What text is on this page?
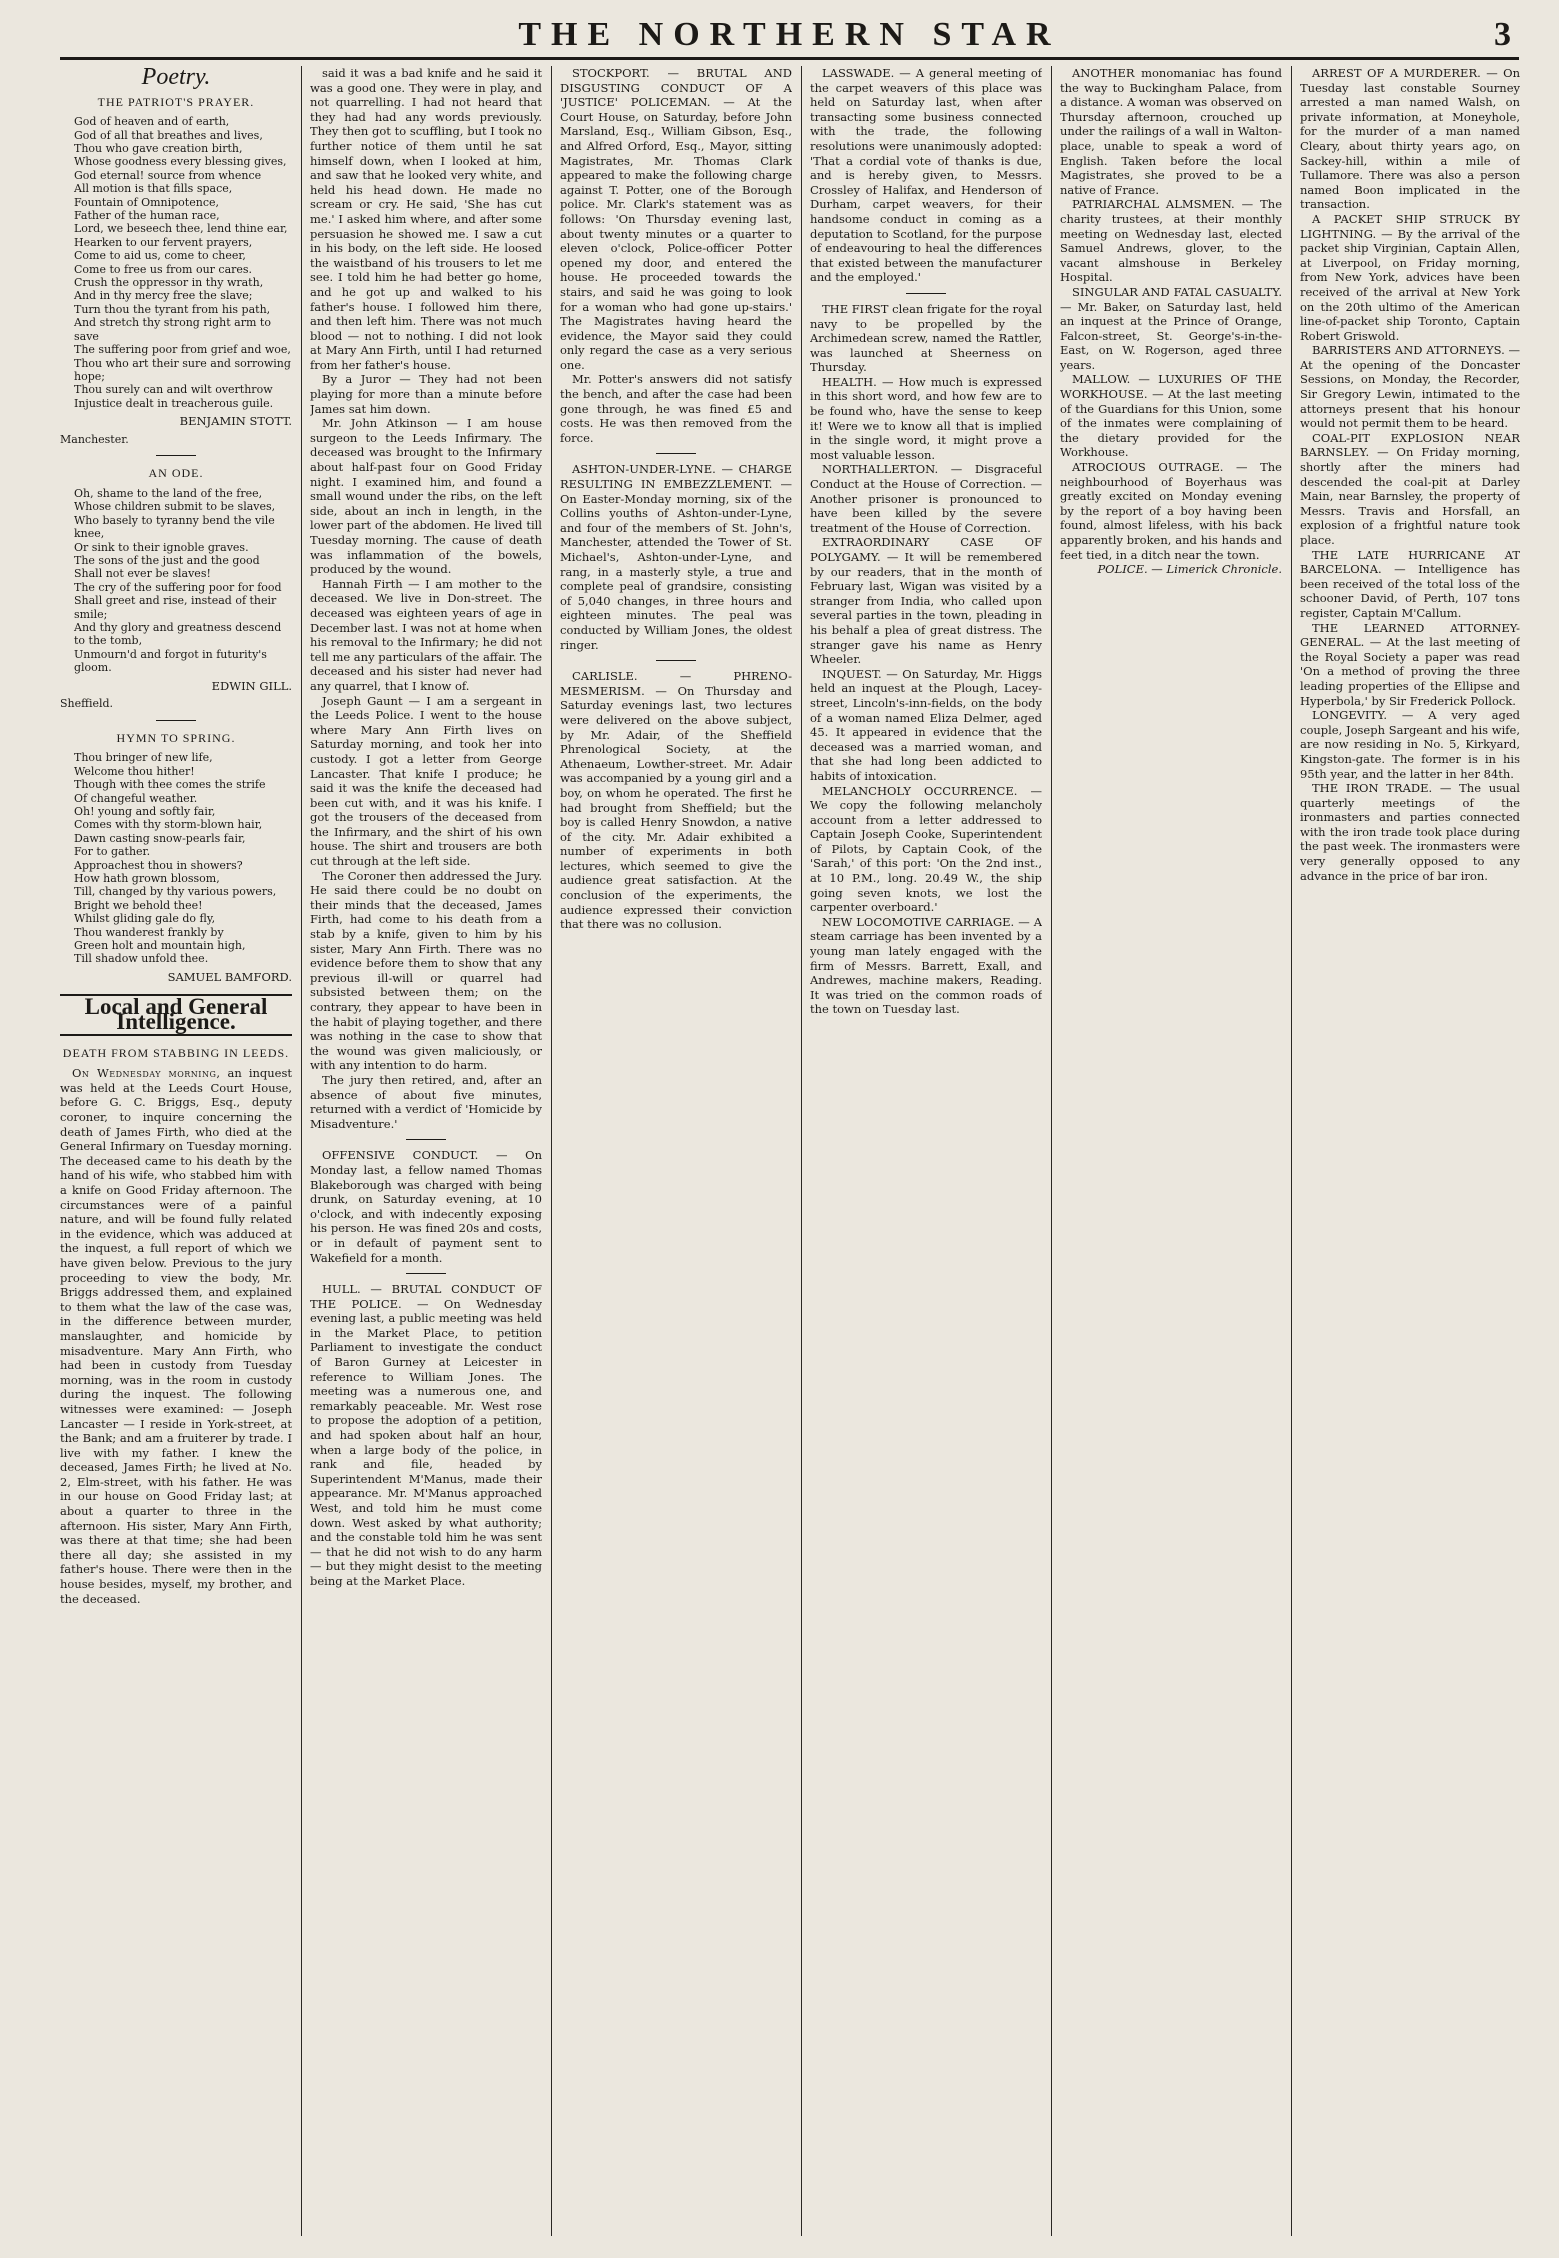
THE NORTHERN STAR	3
Poetry.
THE PATRIOT'S PRAYER.
God of heaven and of earth,
God of all that breathes and lives,
Thou who gave creation birth,
Whose goodness every blessing gives,
God eternal! source from whence
All motion is that fills space,
Fountain of Omnipotence,
Father of the human race,
Lord, we beseech thee, lend thine ear,
Hearken to our fervent prayers,
Come to aid us, come to cheer,
Come to free us from our cares.
Crush the oppressor in thy wrath,
And in thy mercy free the slave;
Turn thou the tyrant from his path,
And stretch thy strong right arm to save
The suffering poor from grief and woe,
Thou who art their sure and sorrowing hope;
Thou surely can and wilt overthrow
Injustice dealt in treacherous guile.
BENJAMIN STOTT.
Manchester.
AN ODE.
Oh, shame to the land of the free,
Whose children submit to be slaves,
Who basely to tyranny bend the vile knee,
Or sink to their ignoble graves.
The sons of the just and the good
Shall not ever be slaves!
The cry of the suffering poor for food
Shall greet and rise, instead of their smile;
And thy glory and greatness descend to the tomb,
Unmourn'd and forgot in futurity's gloom.
EDWIN GILL.
Sheffield.
HYMN TO SPRING.
Thou bringer of new life,
Welcome thou hither!
Though with thee comes the strife
Of changeful weather.
Oh! young and softly fair,
Comes with thy storm-blown hair,
Dawn casting snow-pearls fair,
For to gather.
Approachest thou in showers?
How hath grown blossom,
Till, changed by thy various powers,
Bright we behold thee!
Whilst gliding gale do fly,
Thou wanderest frankly by
Green holt and mountain high,
Till shadow unfold thee.
SAMUEL BAMFORD.
Local and General Intelligence.
DEATH FROM STABBING IN LEEDS.

On Wednesday morning, an inquest was held at the Leeds Court House, before G. C. Briggs, Esq., deputy coroner, to inquire concerning the death of James Firth, who died at the General Infirmary on Tuesday morning. The deceased came to his death by the hand of his wife, who stabbed him with a knife on Good Friday afternoon. The circumstances were of a painful nature, and will be found fully related in the evidence, which was adduced at the inquest, a full report of which we have given below. Previous to the jury proceeding to view the body, Mr. Briggs addressed them, and explained to them what the law of the case was, in the difference between murder, manslaughter, and homicide by misadventure. Mary Ann Firth, who had been in custody from Tuesday morning, was in the room in custody during the inquest. The following witnesses were examined: — Joseph Lancaster — I reside in York-street, at the Bank; and am a fruiterer by trade. I live with my father. I knew the deceased, James Firth; he lived at No. 2, Elm-street, with his father. He was in our house on Good Friday last; at about a quarter to three in the afternoon. His sister, Mary Ann Firth, was there at that time; she had been there all day; she assisted in my father's house. There were then in the house besides, myself, my brother, and the deceased.

said it was a bad knife and he said it was a good one. They were in play, and not quarrelling. I had not heard that they had had any words previously. They then got to scuffling, but I took no further notice of them until he sat himself down, when I looked at him, and saw that he looked very white, and held his head down. He made no scream or cry. He said, 'She has cut me.' I asked him where, and after some persuasion he showed me. I saw a cut in his body, on the left side. He loosed the waistband of his trousers to let me see. I told him he had better go home, and he got up and walked to his father's house. I followed him there, and then left him. There was not much blood — not to nothing. I did not look at Mary Ann Firth, until I had returned from her father's house.

By a Juror — They had not been playing for more than a minute before James sat him down.

Mr. John Atkinson — I am house surgeon to the Leeds Infirmary. The deceased was brought to the Infirmary about half-past four on Good Friday night. I examined him, and found a small wound under the ribs, on the left side, about an inch in length, in the lower part of the abdomen. He lived till Tuesday morning. The cause of death was inflammation of the bowels, produced by the wound.

Hannah Firth — I am mother to the deceased. We live in Don-street. The deceased was eighteen years of age in December last. I was not at home when his removal to the Infirmary; he did not tell me any particulars of the affair. The deceased and his sister had never had any quarrel, that I know of.

Joseph Gaunt — I am a sergeant in the Leeds Police. I went to the house where Mary Ann Firth lives on Saturday morning, and took her into custody. I got a letter from George Lancaster. That knife I produce; he said it was the knife the deceased had been cut with, and it was his knife. I got the trousers of the deceased from the Infirmary, and the shirt of his own house. The shirt and trousers are both cut through at the left side.

The Coroner then addressed the Jury. He said there could be no doubt on their minds that the deceased, James Firth, had come to his death from a stab by a knife, given to him by his sister, Mary Ann Firth. There was no evidence before them to show that any previous ill-will or quarrel had subsisted between them; on the contrary, they appear to have been in the habit of playing together, and there was nothing in the case to show that the wound was given maliciously, or with any intention to do harm.

The jury then retired, and, after an absence of about five minutes, returned with a verdict of 'Homicide by Misadventure.'

OFFENSIVE CONDUCT. — On Monday last, a fellow named Thomas Blakeborough was charged with being drunk, on Saturday evening, at 10 o'clock, and with indecently exposing his person. He was fined 20s and costs, or in default of payment sent to Wakefield for a month.

HULL. — BRUTAL CONDUCT OF THE POLICE. — On Wednesday evening last, a public meeting was held in the Market Place, to petition Parliament to investigate the conduct of Baron Gurney at Leicester in reference to William Jones. The meeting was a numerous one, and remarkably peaceable. Mr. West rose to propose the adoption of a petition, and had spoken about half an hour, when a large body of the police, in rank and file, headed by Superintendent M'Manus, made their appearance. Mr. M'Manus approached West, and told him he must come down. West asked by what authority; and the constable told him he was sent — that he did not wish to do any harm — but they might desist to the meeting being at the Market Place.

STOCKPORT. — BRUTAL AND DISGUSTING CONDUCT OF A 'JUSTICE' POLICEMAN. — At the Court House, on Saturday, before John Marsland, Esq., William Gibson, Esq., and Alfred Orford, Esq., Mayor, sitting Magistrates, Mr. Thomas Clark appeared to make the following charge against T. Potter, one of the Borough police. Mr. Clark's statement was as follows: 'On Thursday evening last, about twenty minutes or a quarter to eleven o'clock, Police-officer Potter opened my door, and entered the house. He proceeded towards the stairs, and said he was going to look for a woman who had gone up-stairs.' The Magistrates having heard the evidence, the Mayor said they could only regard the case as a very serious one.

Mr. Potter's answers did not satisfy the bench, and after the case had been gone through, he was fined £5 and costs. He was then removed from the force.

ASHTON-UNDER-LYNE. — CHARGE RESULTING IN EMBEZZLEMENT. — On Easter-Monday morning, six of the Collins youths of Ashton-under-Lyne, and four of the members of St. John's, Manchester, attended the Tower of St. Michael's, Ashton-under-Lyne, and rang, in a masterly style, a true and complete peal of grandsire, consisting of 5,040 changes, in three hours and eighteen minutes. The peal was conducted by William Jones, the oldest ringer.

CARLISLE. — PHRENO-MESMERISM. — On Thursday and Saturday evenings last, two lectures were delivered on the above subject, by Mr. Adair, of the Sheffield Phrenological Society, at the Athenaeum, Lowther-street. Mr. Adair was accompanied by a young girl and a boy, on whom he operated. The first he had brought from Sheffield; but the boy is called Henry Snowdon, a native of the city. Mr. Adair exhibited a number of experiments in both lectures, which seemed to give the audience great satisfaction. At the conclusion of the experiments, the audience expressed their conviction that there was no collusion.

LASSWADE. — A general meeting of the carpet weavers of this place was held on Saturday last, when after transacting some business connected with the trade, the following resolutions were unanimously adopted: 'That a cordial vote of thanks is due, and is hereby given, to Messrs. Crossley of Halifax, and Henderson of Durham, carpet weavers, for their handsome conduct in coming as a deputation to Scotland, for the purpose of endeavouring to heal the differences that existed between the manufacturer and the employed.'

THE FIRST clean frigate for the royal navy to be propelled by the Archimedean screw, named the Rattler, was launched at Sheerness on Thursday.

HEALTH. — How much is expressed in this short word, and how few are to be found who, have the sense to keep it! Were we to know all that is implied in the single word, it might prove a most valuable lesson.

NORTHALLERTON. — Disgraceful Conduct at the House of Correction. — Another prisoner is pronounced to have been killed by the severe treatment of the House of Correction.

EXTRAORDINARY CASE OF POLYGAMY. — It will be remembered by our readers, that in the month of February last, Wigan was visited by a stranger from India, who called upon several parties in the town, pleading in his behalf a plea of great distress. The stranger gave his name as Henry Wheeler.

INQUEST. — On Saturday, Mr. Higgs held an inquest at the Plough, Lacey-street, Lincoln's-inn-fields, on the body of a woman named Eliza Delmer, aged 45. It appeared in evidence that the deceased was a married woman, and that she had long been addicted to habits of intoxication.

MELANCHOLY OCCURRENCE. — We copy the following melancholy account from a letter addressed to Captain Joseph Cooke, Superintendent of Pilots, by Captain Cook, of the 'Sarah,' of this port: 'On the 2nd inst., at 10 P.M., long. 20.49 W., the ship going seven knots, we lost the carpenter overboard.'

NEW LOCOMOTIVE CARRIAGE. — A steam carriage has been invented by a young man lately engaged with the firm of Messrs. Barrett, Exall, and Andrewes, machine makers, Reading. It was tried on the common roads of the town on Tuesday last.

ANOTHER monomaniac has found the way to Buckingham Palace, from a distance. A woman was observed on Thursday afternoon, crouched up under the railings of a wall in Walton-place, unable to speak a word of English. Taken before the local Magistrates, she proved to be a native of France.

PATRIARCHAL ALMSMEN. — The charity trustees, at their monthly meeting on Wednesday last, elected Samuel Andrews, glover, to the vacant almshouse in Berkeley Hospital.

SINGULAR AND FATAL CASUALTY. — Mr. Baker, on Saturday last, held an inquest at the Prince of Orange, Falcon-street, St. George's-in-the-East, on W. Rogerson, aged three years.

MALLOW. — LUXURIES OF THE WORKHOUSE. — At the last meeting of the Guardians for this Union, some of the inmates were complaining of the dietary provided for the Workhouse.

ATROCIOUS OUTRAGE. — The neighbourhood of Boyerhaus was greatly excited on Monday evening by the report of a boy having been found, almost lifeless, with his back apparently broken, and his hands and feet tied, in a ditch near the town.

POLICE. — Limerick Chronicle.

ARREST OF A MURDERER. — On Tuesday last constable Sourney arrested a man named Walsh, on private information, at Moneyhole, for the murder of a man named Cleary, about thirty years ago, on Sackey-hill, within a mile of Tullamore. There was also a person named Boon implicated in the transaction.

A PACKET SHIP STRUCK BY LIGHTNING. — By the arrival of the packet ship Virginian, Captain Allen, at Liverpool, on Friday morning, from New York, advices have been received of the arrival at New York on the 20th ultimo of the American line-of-packet ship Toronto, Captain Robert Griswold.

BARRISTERS AND ATTORNEYS. — At the opening of the Doncaster Sessions, on Monday, the Recorder, Sir Gregory Lewin, intimated to the attorneys present that his honour would not permit them to be heard.

COAL-PIT EXPLOSION NEAR BARNSLEY. — On Friday morning, shortly after the miners had descended the coal-pit at Darley Main, near Barnsley, the property of Messrs. Travis and Horsfall, an explosion of a frightful nature took place.

THE LATE HURRICANE AT BARCELONA. — Intelligence has been received of the total loss of the schooner David, of Perth, 107 tons register, Captain M'Callum.

THE LEARNED ATTORNEY-GENERAL. — At the last meeting of the Royal Society a paper was read 'On a method of proving the three leading properties of the Ellipse and Hyperbola,' by Sir Frederick Pollock.

LONGEVITY. — A very aged couple, Joseph Sargeant and his wife, are now residing in No. 5, Kirkyard, Kingston-gate. The former is in his 95th year, and the latter in her 84th.

THE IRON TRADE. — The usual quarterly meetings of the ironmasters and parties connected with the iron trade took place during the past week. The ironmasters were very generally opposed to any advance in the price of bar iron.
